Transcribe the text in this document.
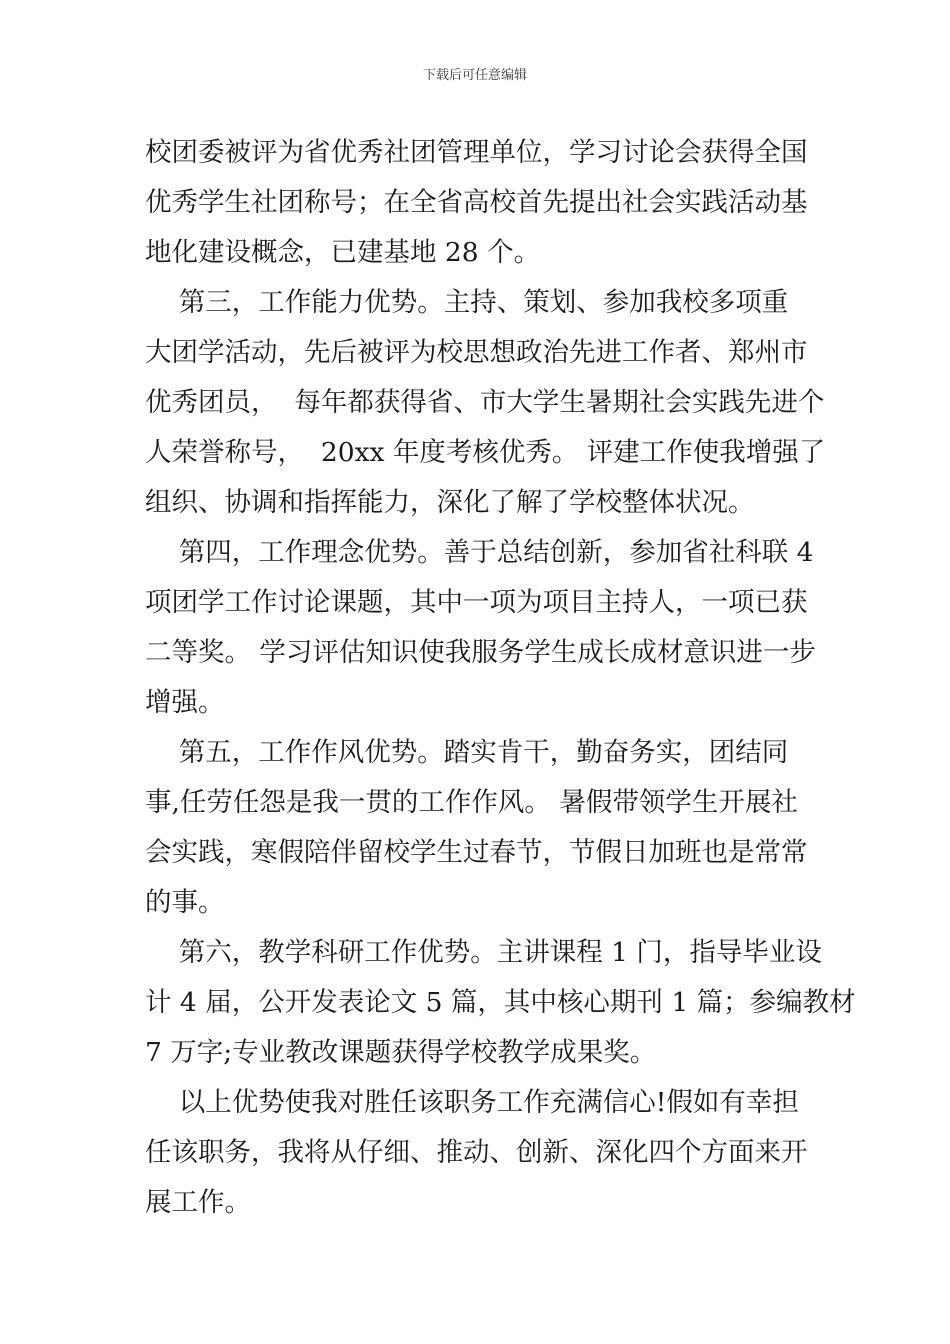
下载后可任意编辑
校团委被评为省优秀社团管理单位，学习讨论会获得全国
优秀学生社团称号；在全省高校首先提出社会实践活动基
地化建设概念，已建基地 28 个。
第三，工作能力优势。主持、策划、参加我校多项重
大团学活动，先后被评为校思想政治先进工作者、郑州市
优秀团员，  每年都获得省、市大学生暑期社会实践先进个
人荣誉称号，  20xx 年度考核优秀。 评建工作使我增强了
组织、协调和指挥能力，深化了解了学校整体状况。
第四，工作理念优势。善于总结创新，参加省社科联 4
项团学工作讨论课题，其中一项为项目主持人，一项已获
二等奖。 学习评估知识使我服务学生成长成材意识进一步
增强。
第五，工作作风优势。踏实肯干，勤奋务实，团结同
事,任劳任怨是我一贯的工作作风。 暑假带领学生开展社
会实践，寒假陪伴留校学生过春节，节假日加班也是常常
的事。
第六，教学科研工作优势。主讲课程 1 门，指导毕业设
计 4 届，公开发表论文 5 篇，其中核心期刊 1 篇；参编教材
7 万字;专业教改课题获得学校教学成果奖。
以上优势使我对胜任该职务工作充满信心!假如有幸担
任该职务，我将从仔细、推动、创新、深化四个方面来开
展工作。
